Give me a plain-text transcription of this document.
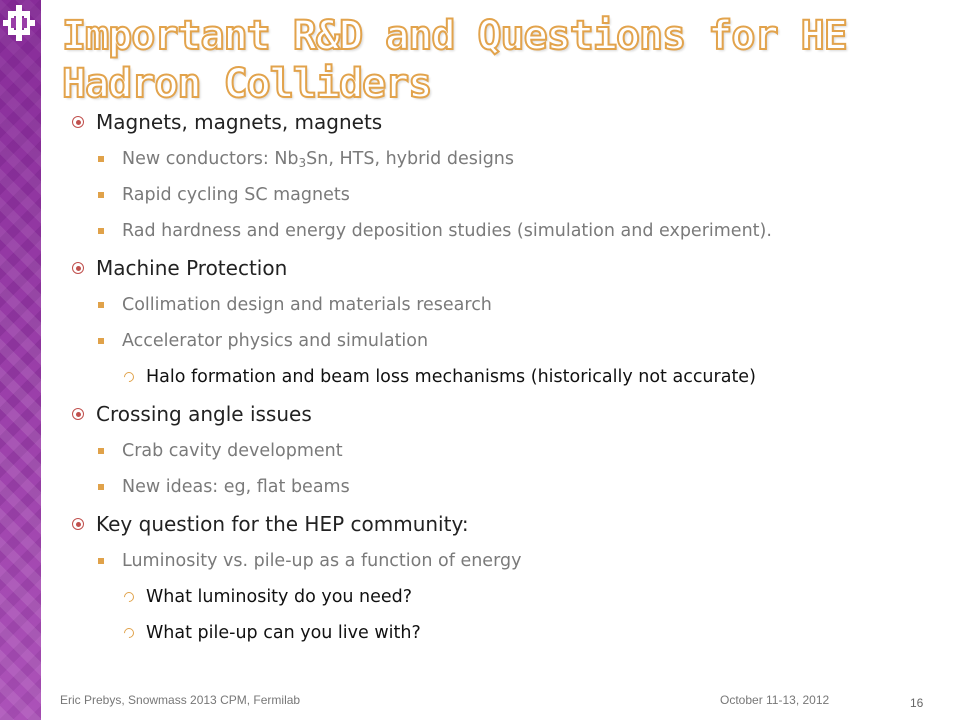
Important R&D and Questions for HE Hadron Colliders
Magnets, magnets, magnets
New conductors: $Nb_3Sn$, HTS, hybrid designs
Rapid cycling SC magnets
Rad hardness and energy deposition studies (simulation and experiment).
Machine Protection
Collimation design and materials research
Accelerator physics and simulation
Halo formation and beam loss mechanisms (historically not accurate)
Crossing angle issues
Crab cavity development
New ideas: eg, flat beams
Key question for the HEP community:
Luminosity vs. pile-up as a function of energy
What luminosity do you need?
What pile-up can you live with?
Eric Prebys, Snowmass 2013 CPM, Fermilab	October 11-13, 2012	16
